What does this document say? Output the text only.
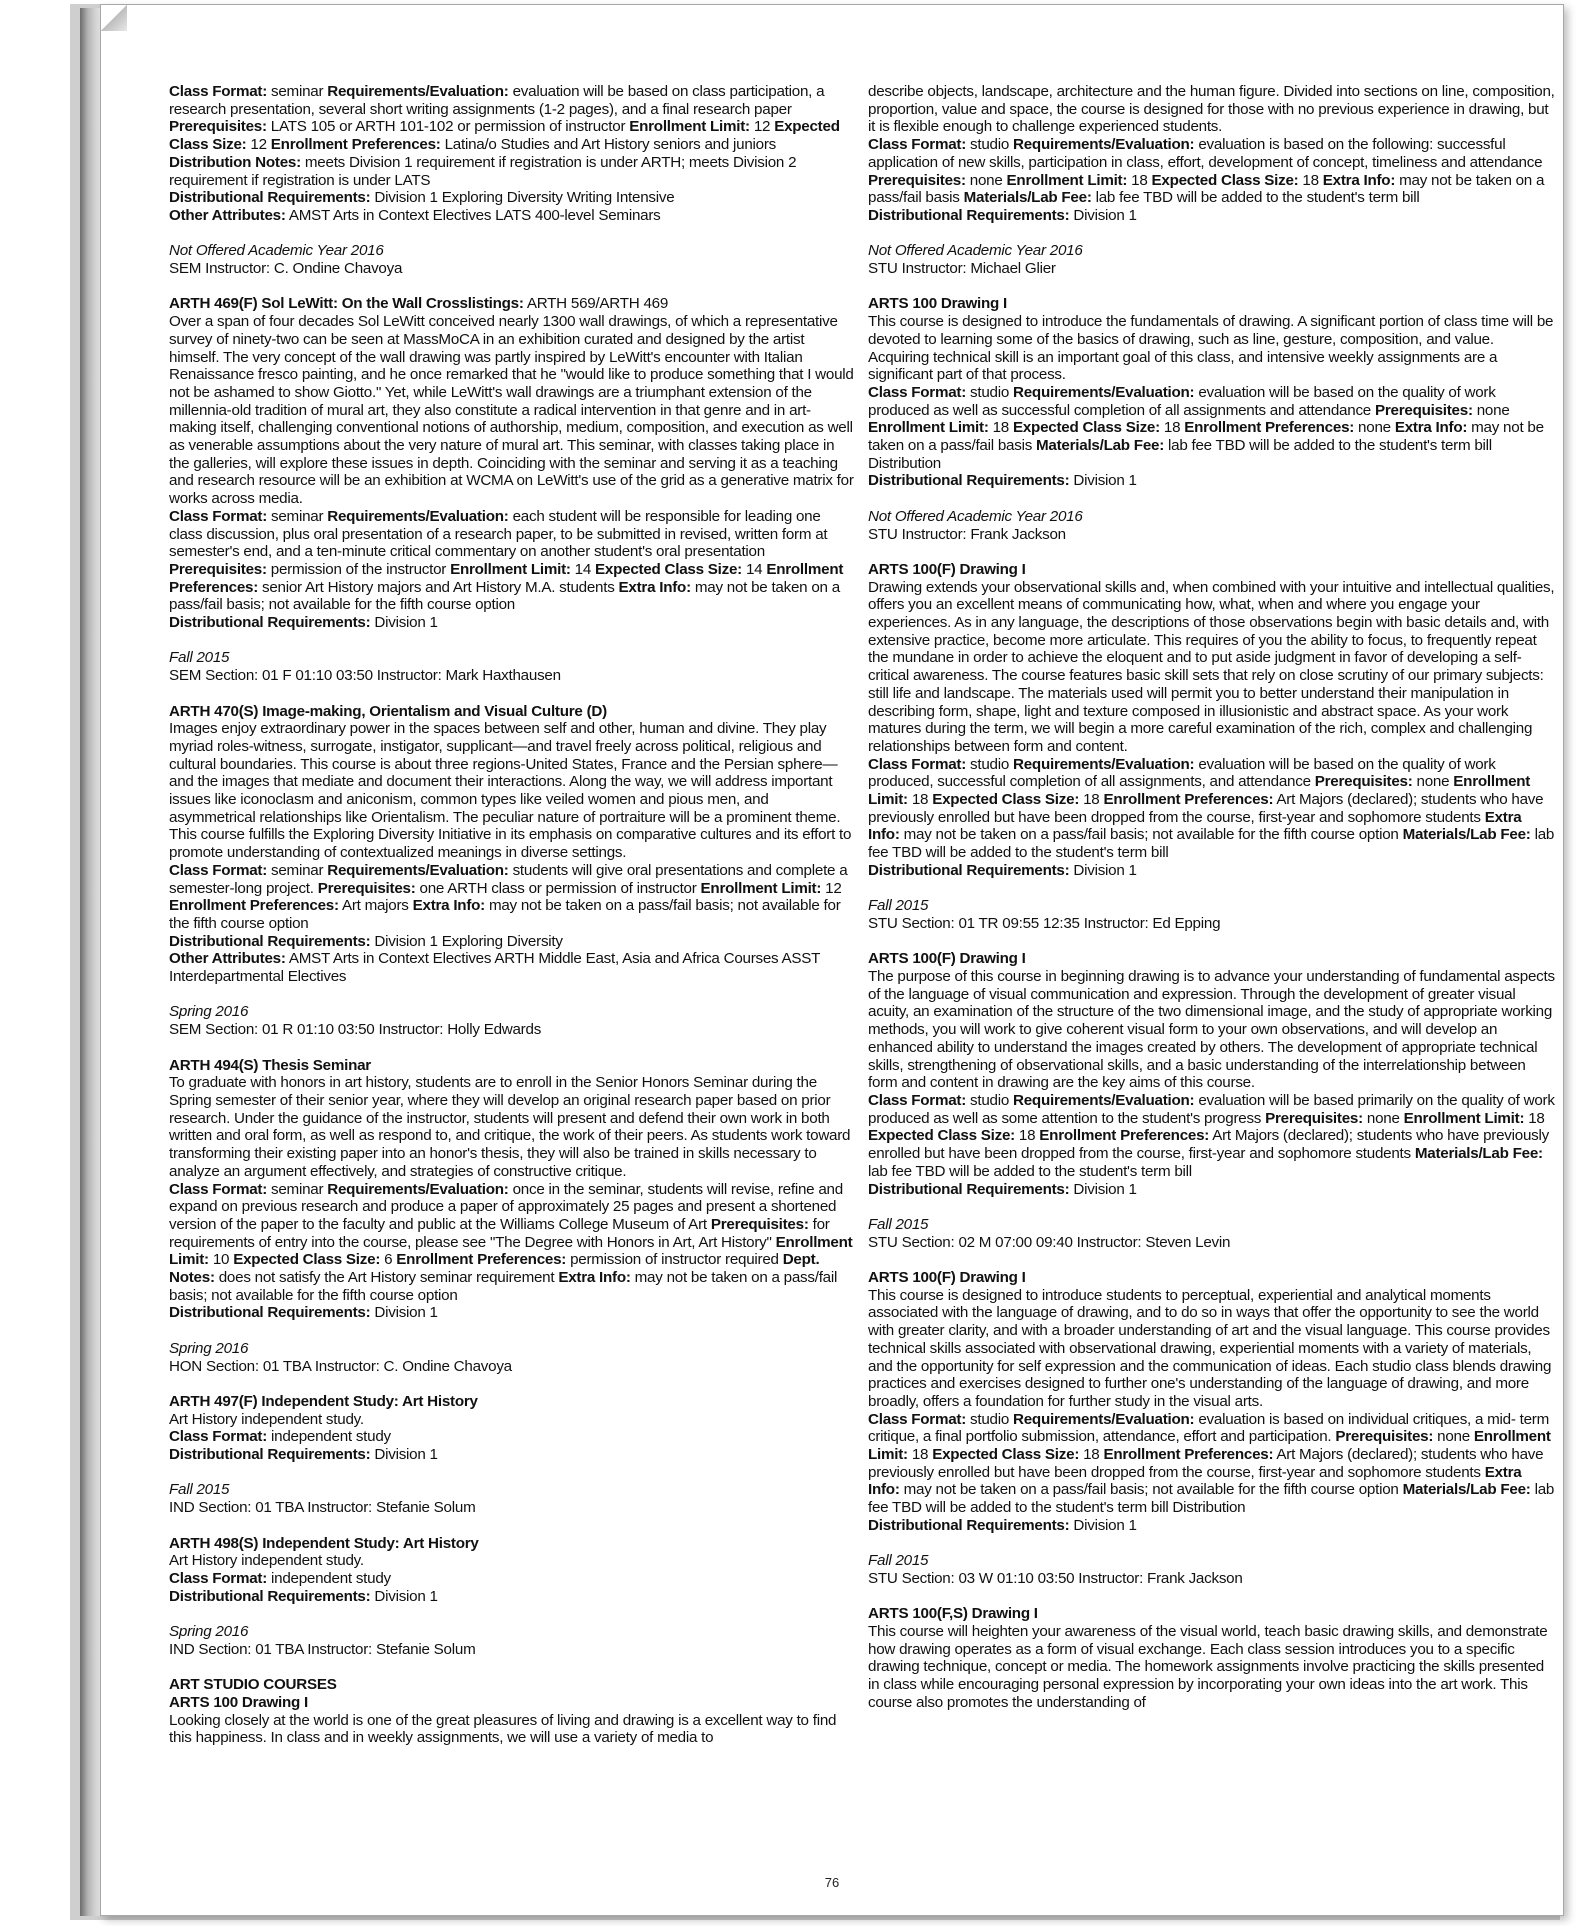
Class Format: seminar Requirements/Evaluation: evaluation will be based on class participation, a research presentation, several short writing assignments (1-2 pages), and a final research paper Prerequisites: LATS 105 or ARTH 101-102 or permission of instructor Enrollment Limit: 12 Expected Class Size: 12 Enrollment Preferences: Latina/o Studies and Art History seniors and juniors Distribution Notes: meets Division 1 requirement if registration is under ARTH; meets Division 2 requirement if registration is under LATS

Distributional Requirements: Division 1 Exploring Diversity Writing Intensive

Other Attributes: AMST Arts in Context Electives LATS 400-level Seminars

Not Offered Academic Year 2016

SEM Instructor: C. Ondine Chavoya

ARTH 469(F) Sol LeWitt: On the Wall Crosslistings: ARTH 569/ARTH 469

Over a span of four decades Sol LeWitt conceived nearly 1300 wall drawings, of which a representative survey of ninety-two can be seen at MassMoCA in an exhibition curated and designed by the artist himself. The very concept of the wall drawing was partly inspired by LeWitt's encounter with Italian Renaissance fresco painting, and he once remarked that he "would like to produce something that I would not be ashamed to show Giotto." Yet, while LeWitt's wall drawings are a triumphant extension of the millennia-old tradition of mural art, they also constitute a radical intervention in that genre and in art-making itself, challenging conventional notions of authorship, medium, composition, and execution as well as venerable assumptions about the very nature of mural art. This seminar, with classes taking place in the galleries, will explore these issues in depth. Coinciding with the seminar and serving it as a teaching and research resource will be an exhibition at WCMA on LeWitt's use of the grid as a generative matrix for works across media.

Class Format: seminar Requirements/Evaluation: each student will be responsible for leading one class discussion, plus oral presentation of a research paper, to be submitted in revised, written form at semester's end, and a ten-minute critical commentary on another student's oral presentation Prerequisites: permission of the instructor Enrollment Limit: 14 Expected Class Size: 14 Enrollment Preferences: senior Art History majors and Art History M.A. students Extra Info: may not be taken on a pass/fail basis; not available for the fifth course option

Distributional Requirements: Division 1

Fall 2015

SEM Section: 01 F 01:10 03:50 Instructor: Mark Haxthausen

ARTH 470(S) Image-making, Orientalism and Visual Culture (D)

Images enjoy extraordinary power in the spaces between self and other, human and divine. They play myriad roles-witness, surrogate, instigator, supplicant—and travel freely across political, religious and cultural boundaries. This course is about three regions-United States, France and the Persian sphere—and the images that mediate and document their interactions. Along the way, we will address important issues like iconoclasm and aniconism, common types like veiled women and pious men, and asymmetrical relationships like Orientalism. The peculiar nature of portraiture will be a prominent theme. This course fulfills the Exploring Diversity Initiative in its emphasis on comparative cultures and its effort to promote understanding of contextualized meanings in diverse settings.

Class Format: seminar Requirements/Evaluation: students will give oral presentations and complete a semester-long project. Prerequisites: one ARTH class or permission of instructor Enrollment Limit: 12 Enrollment Preferences: Art majors Extra Info: may not be taken on a pass/fail basis; not available for the fifth course option

Distributional Requirements: Division 1 Exploring Diversity

Other Attributes: AMST Arts in Context Electives ARTH Middle East, Asia and Africa Courses ASST Interdepartmental Electives

Spring 2016

SEM Section: 01 R 01:10 03:50 Instructor: Holly Edwards

ARTH 494(S) Thesis Seminar

To graduate with honors in art history, students are to enroll in the Senior Honors Seminar during the Spring semester of their senior year, where they will develop an original research paper based on prior research. Under the guidance of the instructor, students will present and defend their own work in both written and oral form, as well as respond to, and critique, the work of their peers. As students work toward transforming their existing paper into an honor's thesis, they will also be trained in skills necessary to analyze an argument effectively, and strategies of constructive critique.

Class Format: seminar Requirements/Evaluation: once in the seminar, students will revise, refine and expand on previous research and produce a paper of approximately 25 pages and present a shortened version of the paper to the faculty and public at the Williams College Museum of Art Prerequisites: for requirements of entry into the course, please see "The Degree with Honors in Art, Art History" Enrollment Limit: 10 Expected Class Size: 6 Enrollment Preferences: permission of instructor required Dept. Notes: does not satisfy the Art History seminar requirement Extra Info: may not be taken on a pass/fail basis; not available for the fifth course option

Distributional Requirements: Division 1

Spring 2016

HON Section: 01 TBA Instructor: C. Ondine Chavoya

ARTH 497(F) Independent Study: Art History

Art History independent study.

Class Format: independent study

Distributional Requirements: Division 1

Fall 2015

IND Section: 01 TBA Instructor: Stefanie Solum

ARTH 498(S) Independent Study: Art History

Art History independent study.

Class Format: independent study

Distributional Requirements: Division 1

Spring 2016

IND Section: 01 TBA Instructor: Stefanie Solum

ART STUDIO COURSES

ARTS 100 Drawing I

Looking closely at the world is one of the great pleasures of living and drawing is a excellent way to find this happiness. In class and in weekly assignments, we will use a variety of media to

describe objects, landscape, architecture and the human figure. Divided into sections on line, composition, proportion, value and space, the course is designed for those with no previous experience in drawing, but it is flexible enough to challenge experienced students.

Class Format: studio Requirements/Evaluation: evaluation is based on the following: successful application of new skills, participation in class, effort, development of concept, timeliness and attendance Prerequisites: none Enrollment Limit: 18 Expected Class Size: 18 Extra Info: may not be taken on a pass/fail basis Materials/Lab Fee: lab fee TBD will be added to the student's term bill

Distributional Requirements: Division 1

Not Offered Academic Year 2016

STU Instructor: Michael Glier

ARTS 100 Drawing I

This course is designed to introduce the fundamentals of drawing. A significant portion of class time will be devoted to learning some of the basics of drawing, such as line, gesture, composition, and value. Acquiring technical skill is an important goal of this class, and intensive weekly assignments are a significant part of that process.

Class Format: studio Requirements/Evaluation: evaluation will be based on the quality of work produced as well as successful completion of all assignments and attendance Prerequisites: none Enrollment Limit: 18 Expected Class Size: 18 Enrollment Preferences: none Extra Info: may not be taken on a pass/fail basis Materials/Lab Fee: lab fee TBD will be added to the student's term bill Distribution

Distributional Requirements: Division 1

Not Offered Academic Year 2016

STU Instructor: Frank Jackson

ARTS 100(F) Drawing I

Drawing extends your observational skills and, when combined with your intuitive and intellectual qualities, offers you an excellent means of communicating how, what, when and where you engage your experiences. As in any language, the descriptions of those observations begin with basic details and, with extensive practice, become more articulate. This requires of you the ability to focus, to frequently repeat the mundane in order to achieve the eloquent and to put aside judgment in favor of developing a self-critical awareness. The course features basic skill sets that rely on close scrutiny of our primary subjects: still life and landscape. The materials used will permit you to better understand their manipulation in describing form, shape, light and texture composed in illusionistic and abstract space. As your work matures during the term, we will begin a more careful examination of the rich, complex and challenging relationships between form and content.

Class Format: studio Requirements/Evaluation: evaluation will be based on the quality of work produced, successful completion of all assignments, and attendance Prerequisites: none Enrollment Limit: 18 Expected Class Size: 18 Enrollment Preferences: Art Majors (declared); students who have previously enrolled but have been dropped from the course, first-year and sophomore students Extra Info: may not be taken on a pass/fail basis; not available for the fifth course option Materials/Lab Fee: lab fee TBD will be added to the student's term bill

Distributional Requirements: Division 1

Fall 2015

STU Section: 01 TR 09:55 12:35 Instructor: Ed Epping

ARTS 100(F) Drawing I

The purpose of this course in beginning drawing is to advance your understanding of fundamental aspects of the language of visual communication and expression. Through the development of greater visual acuity, an examination of the structure of the two dimensional image, and the study of appropriate working methods, you will work to give coherent visual form to your own observations, and will develop an enhanced ability to understand the images created by others. The development of appropriate technical skills, strengthening of observational skills, and a basic understanding of the interrelationship between form and content in drawing are the key aims of this course.

Class Format: studio Requirements/Evaluation: evaluation will be based primarily on the quality of work produced as well as some attention to the student's progress Prerequisites: none Enrollment Limit: 18 Expected Class Size: 18 Enrollment Preferences: Art Majors (declared); students who have previously enrolled but have been dropped from the course, first-year and sophomore students Materials/Lab Fee: lab fee TBD will be added to the student's term bill

Distributional Requirements: Division 1

Fall 2015

STU Section: 02 M 07:00 09:40 Instructor: Steven Levin

ARTS 100(F) Drawing I

This course is designed to introduce students to perceptual, experiential and analytical moments associated with the language of drawing, and to do so in ways that offer the opportunity to see the world with greater clarity, and with a broader understanding of art and the visual language. This course provides technical skills associated with observational drawing, experiential moments with a variety of materials, and the opportunity for self expression and the communication of ideas. Each studio class blends drawing practices and exercises designed to further one's understanding of the language of drawing, and more broadly, offers a foundation for further study in the visual arts.

Class Format: studio Requirements/Evaluation: evaluation is based on individual critiques, a mid- term critique, a final portfolio submission, attendance, effort and participation. Prerequisites: none Enrollment Limit: 18 Expected Class Size: 18 Enrollment Preferences: Art Majors (declared); students who have previously enrolled but have been dropped from the course, first-year and sophomore students Extra Info: may not be taken on a pass/fail basis; not available for the fifth course option Materials/Lab Fee: lab fee TBD will be added to the student's term bill Distribution

Distributional Requirements: Division 1

Fall 2015

STU Section: 03 W 01:10 03:50 Instructor: Frank Jackson

ARTS 100(F,S) Drawing I

This course will heighten your awareness of the visual world, teach basic drawing skills, and demonstrate how drawing operates as a form of visual exchange. Each class session introduces you to a specific drawing technique, concept or media. The homework assignments involve practicing the skills presented in class while encouraging personal expression by incorporating your own ideas into the art work. This course also promotes the understanding of

76
